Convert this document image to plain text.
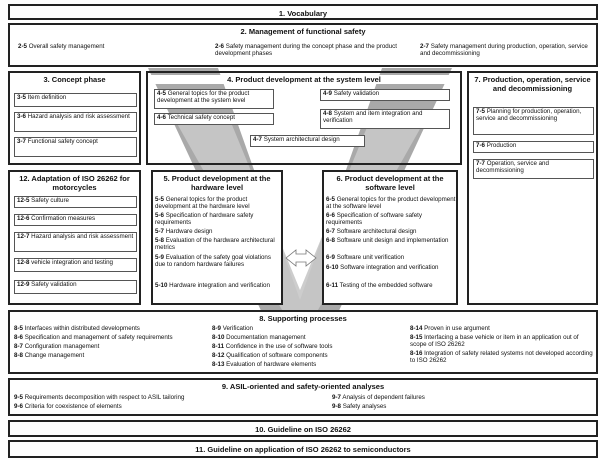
1. Vocabulary
2. Management of functional safety
2-5 Overall safety management	2-6 Safety management during the concept phase and the product development phases
2-7 Safety management during production, operation, service and decommissioning
3. Concept phase
3-5 Item definition
3-6 Hazard analysis and risk assessment
3-7 Functional safety concept
4. Product development at the system level
4-5 General topics for the product development at the system level
4-9 Safety validation
4-6 Technical safety concept
4-8 System and item integration and verification
4-7 System architectural design
7. Production, operation, service and decommissioning
7-5 Planning for production, operation, service and decommissioning
7-6 Production
7-7 Operation, service and decommissioning
12. Adaptation of ISO 26262 for motorcycles
12-5 Safety culture
12-6 Confirmation measures
12-7 Hazard analysis and risk assessment
12-8 vehicle integration and testing
12-9 Safety validation
5. Product development at the hardware level
5-5 General topics for the product development at the hardware level
5-6 Specification of hardware safety requirements
5-7 Hardware design
5-8 Evaluation of the hardware architectural metrics
5-9 Evaluation of the safety goal violations due to random hardware failures
5-10 Hardware integration and verification
6. Product development at the software level
6-5 General topics for the product development at the software level
6-6 Specification of software safety requirements
6-7 Software architectural design
6-8 Software unit design and implementation
6-9 Software unit verification
6-10 Software integration and verification
6-11 Testing of the embedded software
8. Supporting processes
8-5 Interfaces within distributed developments
8-6 Specification and management of safety requirements
8-7 Configuration management
8-8 Change management
8-9 Verification
8-10 Documentation management
8-11 Confidence in the use of software tools
8-12 Qualification of software components
8-13 Evaluation of hardware elements
8-14 Proven in use argument
8-15 Interfacing a base vehicle or item in an application out of scope of ISO 26262
8-16 Integration of safety related systems not developed according to ISO 26262
9. ASIL-oriented and safety-oriented analyses
9-5 Requirements decomposition with respect to ASIL tailoring
9-6 Criteria for coexistence of elements
9-7 Analysis of dependent failures
9-8 Safety analyses
10. Guideline on ISO 26262
11. Guideline on application of ISO 26262 to semiconductors
